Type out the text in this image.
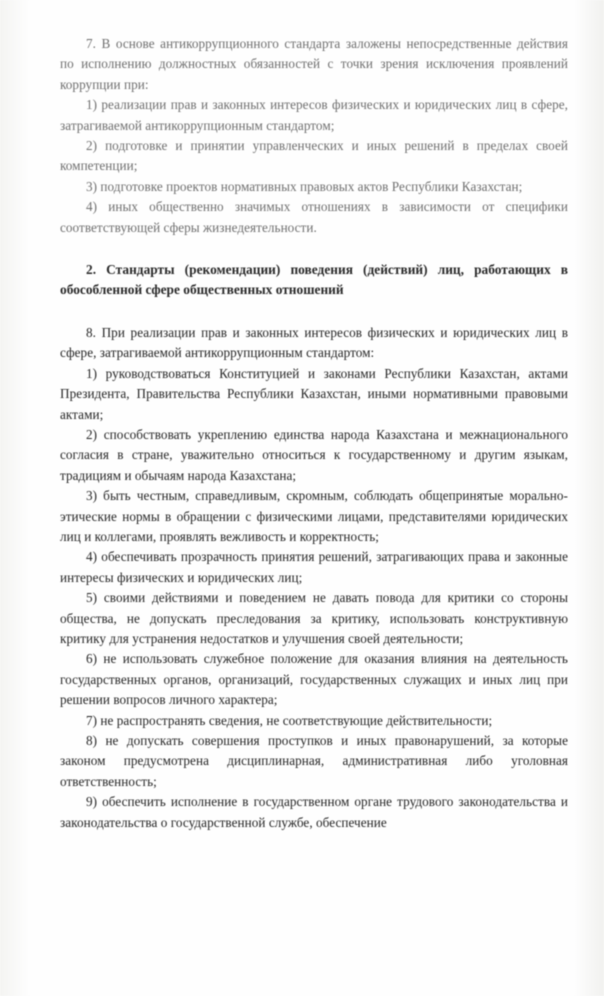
7. В основе антикоррупционного стандарта заложены непосредственные действия по исполнению должностных обязанностей с точки зрения исключения проявлений коррупции при:

1) реализации прав и законных интересов физических и юридических лиц в сфере, затрагиваемой антикоррупционным стандартом;

2) подготовке и принятии управленческих и иных решений в пределах своей компетенции;

3) подготовке проектов нормативных правовых актов Республики Казахстан;

4) иных общественно значимых отношениях в зависимости от специфики соответствующей сферы жизнедеятельности.

2. Стандарты (рекомендации) поведения (действий) лиц, работающих в обособленной сфере общественных отношений

8. При реализации прав и законных интересов физических и юридических лиц в сфере, затрагиваемой антикоррупционным стандартом:

1) руководствоваться Конституцией и законами Республики Казахстан, актами Президента, Правительства Республики Казахстан, иными нормативными правовыми актами;

2) способствовать укреплению единства народа Казахстана и межнационального согласия в стране, уважительно относиться к государственному и другим языкам, традициям и обычаям народа Казахстана;

3) быть честным, справедливым, скромным, соблюдать общепринятые морально-этические нормы в обращении с физическими лицами, представителями юридических лиц и коллегами, проявлять вежливость и корректность;

4) обеспечивать прозрачность принятия решений, затрагивающих права и законные интересы физических и юридических лиц;

5) своими действиями и поведением не давать повода для критики со стороны общества, не допускать преследования за критику, использовать конструктивную критику для устранения недостатков и улучшения своей деятельности;

6) не использовать служебное положение для оказания влияния на деятельность государственных органов, организаций, государственных служащих и иных лиц при решении вопросов личного характера;

7) не распространять сведения, не соответствующие действительности;

8) не допускать совершения проступков и иных правонарушений, за которые законом предусмотрена дисциплинарная, административная либо уголовная ответственность;

9) обеспечить исполнение в государственном органе трудового законодательства и законодательства о государственной службе, обеспечение
